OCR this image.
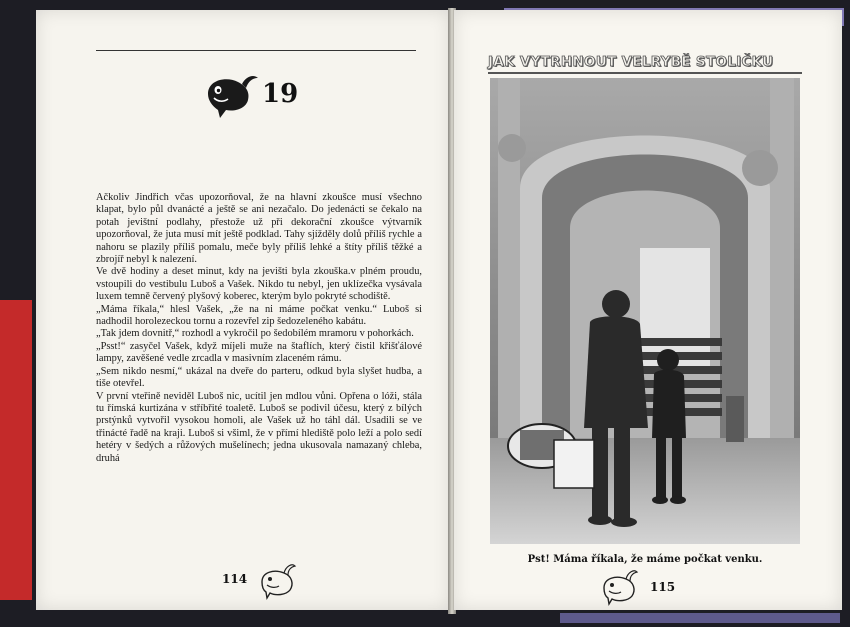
19

Ačkoliv Jindřich včas upozorňoval, že na hlavní zkoušce musí všechno klapat, bylo půl dvanácté a ještě se ani nezačalo. Do jedenácti se čekalo na potah jevištní podlahy, přestože už při dekorační zkoušce výtvarník upozorňoval, že juta musí mít ještě podklad. Tahy sjížděly dolů příliš rychle a nahoru se plazily příliš pomalu, meče byly příliš lehké a štíty příliš těžké a zbrojíř nebyl k nalezení.

Ve dvě hodiny a deset minut, kdy na jevišti byla zkouška.v plném proudu, vstoupili do vestibulu Luboš a Vašek. Nikdo tu nebyl, jen uklízečka vysávala luxem temně červený plyšový koberec, kterým bylo pokryté schodiště.

„Máma říkala,“ hlesl Vašek, „že na ni máme počkat venku.“ Luboš si nadhodil horolezeckou tornu a rozevřel zip šedozeleného kabátu.

„Tak jdem dovnitř,“ rozhodl a vykročil po šedobílém mramoru v pohorkách.

„Psst!“ zasyčel Vašek, když míjeli muže na štaflích, který čistil křišťálové lampy, zavěšené vedle zrcadla v masivním zlaceném rámu.

„Sem nikdo nesmí,“ ukázal na dveře do parteru, odkud byla slyšet hudba, a tiše otevřel.

V první vteřině neviděl Luboš nic, ucítil jen mdlou vůni. Opřena o lóži, stála tu římská kurtizána v stříbřité toaletě. Luboš se podivil účesu, který z bílých prstýnků vytvořil vysokou homoli, ale Vašek už ho táhl dál. Usadili se ve třinácté řadě na kraji. Luboš si všiml, že v přímí hlediště polo leží a polo sedí hetéry v šedých a růžových mušelínech; jedna ukusovala namazaný chleba, druhá

114
JAK VYTRHNOUT VELRYBĚ STOLIČKU
Pst! Máma říkala, že máme počkat venku.
115
